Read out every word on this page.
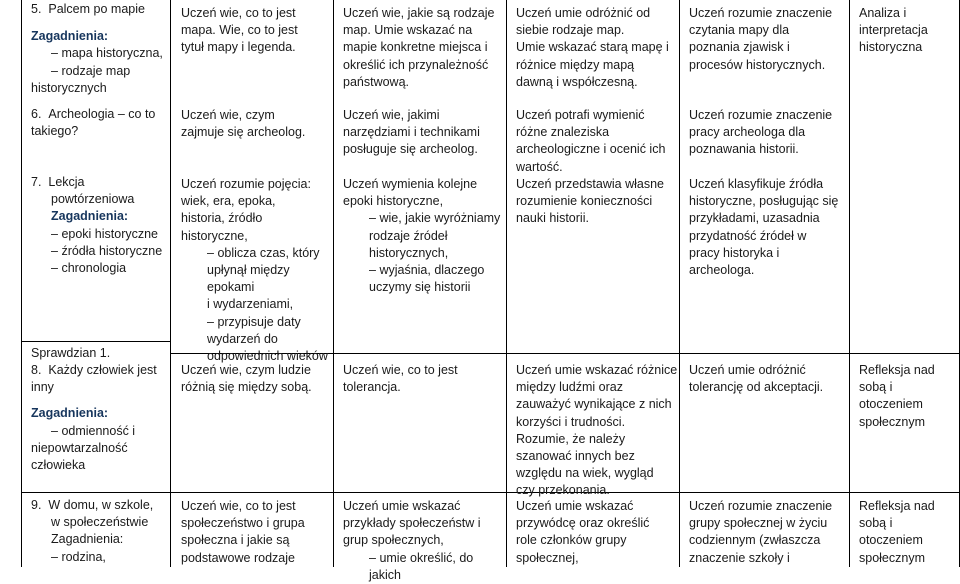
5.  Palcem po mapie

Zagadnienia:

– mapa historyczna,

– rodzaje map

historycznych

6.  Archeologia – co to

takiego?

7.  Lekcja

powtórzeniowa

Zagadnienia:

– epoki historyczne

– źródła historyczne

– chronologia

Sprawdzian 1.

8.  Każdy człowiek jest

inny

Zagadnienia:

– odmienność i

niepowtarzalność

człowieka

9.  W domu, w szkole,

w społeczeństwie

Zagadnienia:

– rodzina,

Uczeń wie, co to jest

mapa. Wie, co to jest

tytuł mapy i legenda.

Uczeń wie, czym

zajmuje się archeolog.

Uczeń rozumie pojęcia:

wiek, era, epoka,

historia, źródło

historyczne,

– oblicza czas, który

upłynął między epokami

i wydarzeniami,

– przypisuje daty

wydarzeń do

odpowiednich wieków

Uczeń wie, czym ludzie

różnią się między sobą.

Uczeń wie, co to jest

społeczeństwo i grupa

społeczna i jakie są

podstawowe rodzaje

Uczeń wie, jakie są rodzaje

map. Umie wskazać na

mapie konkretne miejsca i

określić ich przynależność

państwową.

Uczeń wie, jakimi

narzędziami i technikami

posługuje się archeolog.

Uczeń wymienia kolejne

epoki historyczne,

– wie, jakie wyróżniamy

rodzaje źródeł

historycznych,

– wyjaśnia, dlaczego

uczymy się historii

Uczeń wie, co to jest

tolerancja.

Uczeń umie wskazać

przykłady społeczeństw i

grup społecznych,

– umie określić, do jakich

Uczeń umie odróżnić od

siebie rodzaje map.

Umie wskazać starą mapę i

różnice między mapą

dawną i współczesną.

Uczeń potrafi wymienić

różne znaleziska

archeologiczne i ocenić ich

wartość.

Uczeń przedstawia własne

rozumienie konieczności

nauki historii.

Uczeń umie wskazać różnice

między ludźmi oraz

zauważyć wynikające z nich

korzyści i trudności.

Rozumie, że należy

szanować innych bez

względu na wiek, wygląd

czy przekonania.

Uczeń umie wskazać

przywódcę oraz określić

role członków grupy

społecznej,

Uczeń rozumie znaczenie

czytania mapy dla

poznania zjawisk i

procesów historycznych.

Uczeń rozumie znaczenie

pracy archeologa dla

poznawania historii.

Uczeń klasyfikuje źródła

historyczne, posługując się

przykładami, uzasadnia

przydatność źródeł w

pracy historyka i

archeologa.

Uczeń umie odróżnić

tolerancję od akceptacji.

Uczeń rozumie znaczenie

grupy społecznej w życiu

codziennym (zwłaszcza

znaczenie szkoły i

Analiza i

interpretacja

historyczna

Refleksja nad

sobą i

otoczeniem

społecznym

Refleksja nad

sobą i

otoczeniem

społecznym
